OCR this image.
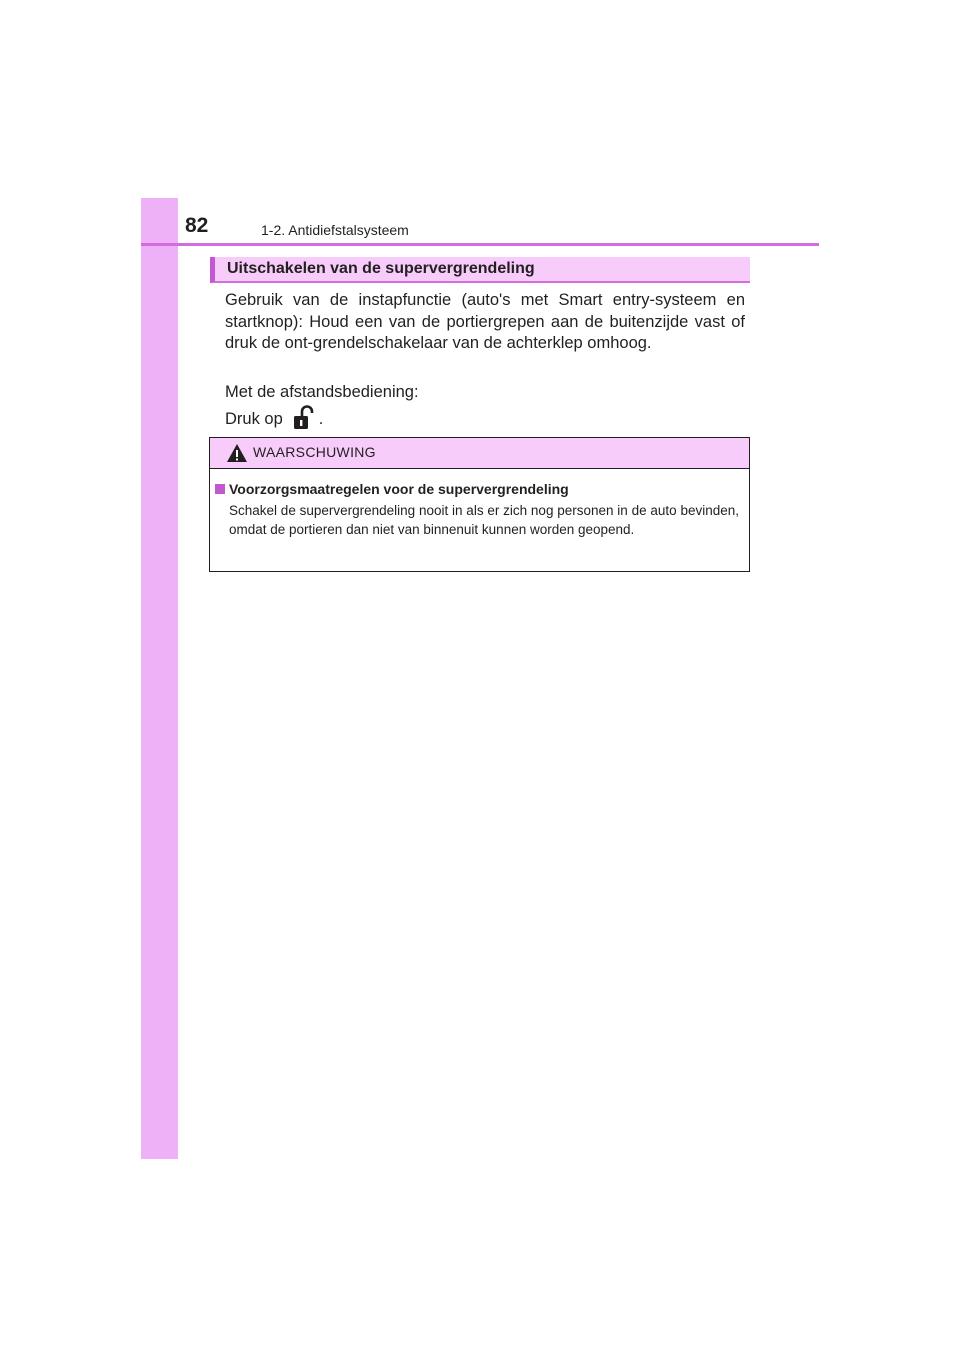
82	1-2. Antidiefstalsysteem
Uitschakelen van de supervergrendeling
Gebruik van de instapfunctie (auto's met Smart entry-systeem en startknop): Houd een van de portiergrepen aan de buitenzijde vast of druk de ont-grendelschakelaar van de achterklep omhoog.
Met de afstandsbediening:
Druk op .
WAARSCHUWING
Voorzorgsmaatregelen voor de supervergrendeling
Schakel de supervergrendeling nooit in als er zich nog personen in de auto bevinden, omdat de portieren dan niet van binnenuit kunnen worden geopend.
